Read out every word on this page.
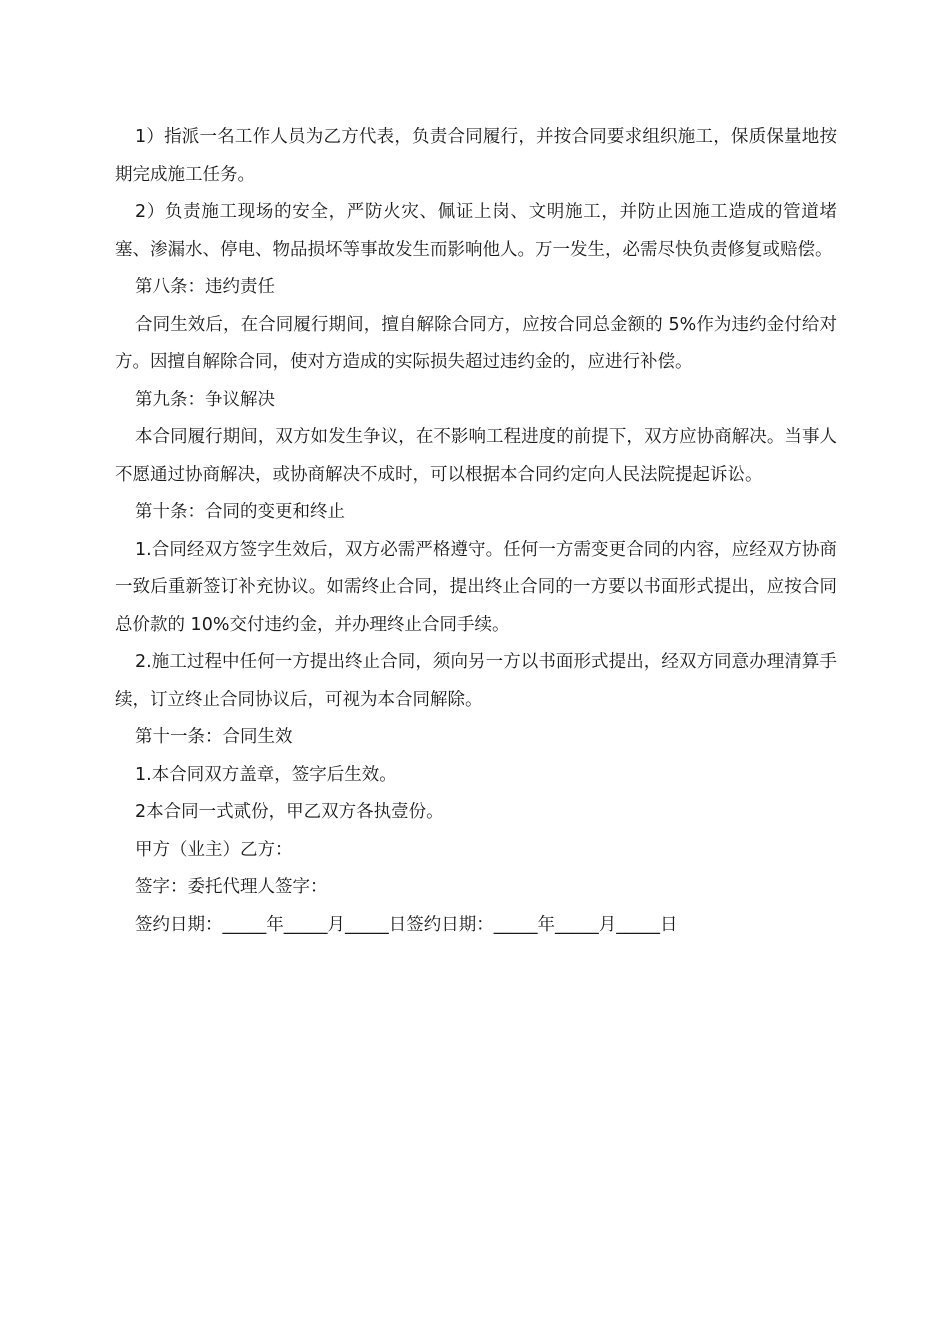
1）指派一名工作人员为乙方代表，负责合同履行，并按合同要求组织施工，保质保量地按期完成施工任务。

2）负责施工现场的安全，严防火灾、佩证上岗、文明施工，并防止因施工造成的管道堵塞、渗漏水、停电、物品损坏等事故发生而影响他人。万一发生，必需尽快负责修复或赔偿。

第八条：违约责任

合同生效后，在合同履行期间，擅自解除合同方，应按合同总金额的 5%作为违约金付给对方。因擅自解除合同，使对方造成的实际损失超过违约金的，应进行补偿。

第九条：争议解决

本合同履行期间，双方如发生争议，在不影响工程进度的前提下，双方应协商解决。当事人不愿通过协商解决，或协商解决不成时，可以根据本合同约定向人民法院提起诉讼。

第十条：合同的变更和终止

1.合同经双方签字生效后，双方必需严格遵守。任何一方需变更合同的内容，应经双方协商一致后重新签订补充协议。如需终止合同，提出终止合同的一方要以书面形式提出，应按合同总价款的 10%交付违约金，并办理终止合同手续。

2.施工过程中任何一方提出终止合同，须向另一方以书面形式提出，经双方同意办理清算手续，订立终止合同协议后，可视为本合同解除。

第十一条：合同生效

1.本合同双方盖章，签字后生效。

2本合同一式贰份，甲乙双方各执壹份。

甲方（业主）乙方：

签字：委托代理人签字：

签约日期：_____年_____月_____日签约日期：_____年_____月_____日
